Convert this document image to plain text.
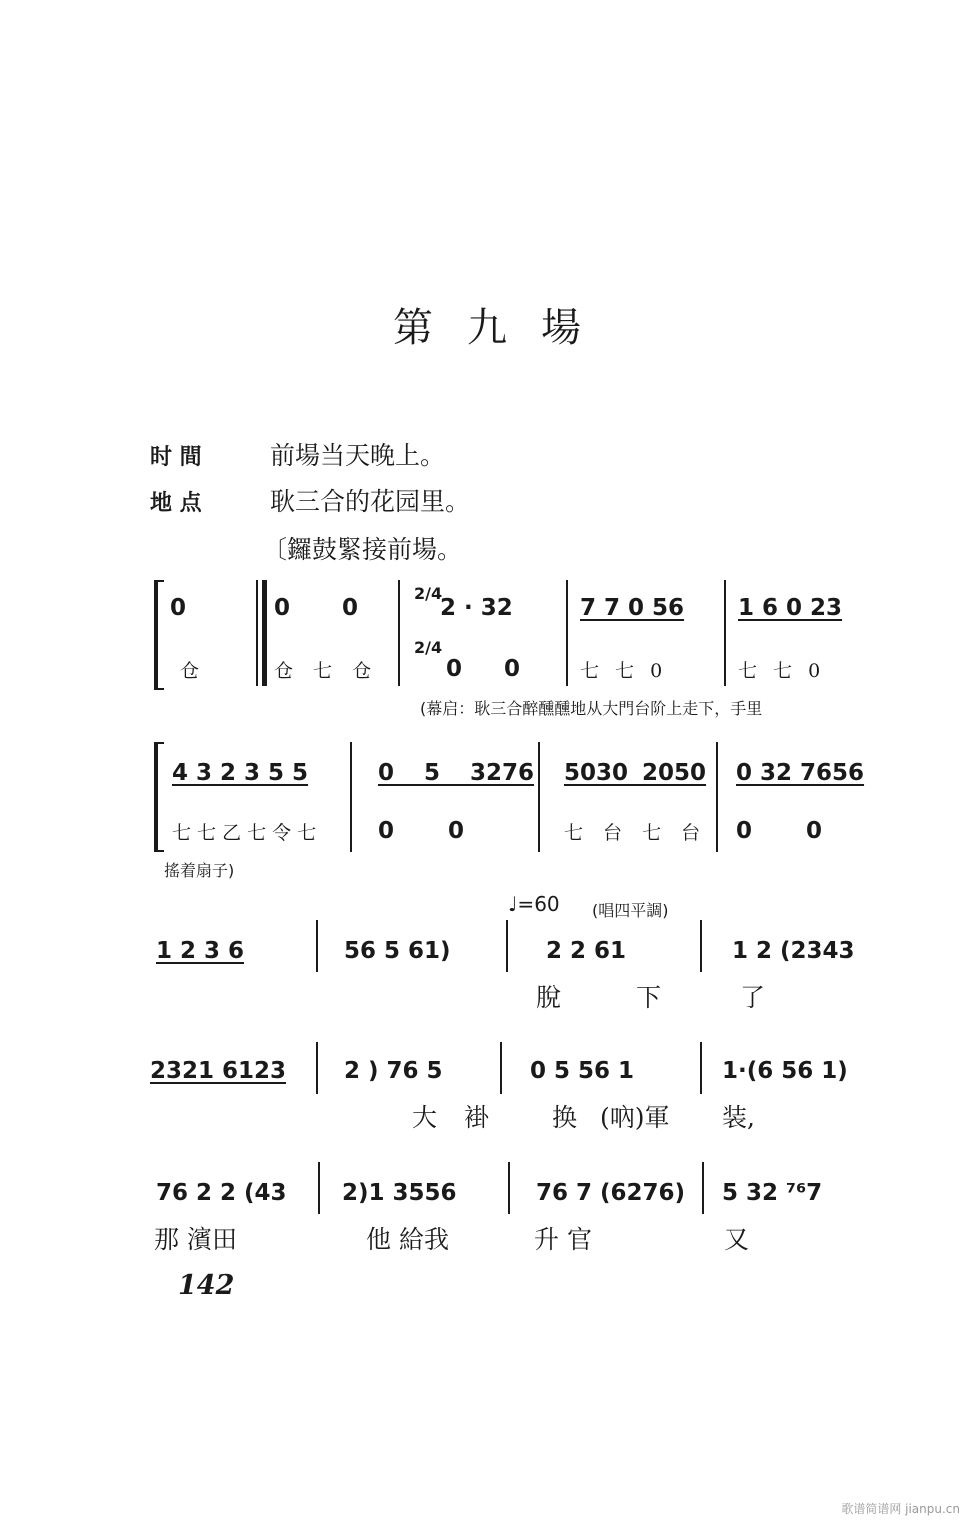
第九場
时 間	前場当天晚上。
地 点	耿三合的花园里。
〔鑼鼓緊接前場。
0	0 0
2/4
2 · 32	7 7 0 56 1 6 0 23
仓	仓 七 仓
2/4
0 0	七 七 0	七 七 0
(幕启：耿三合醉醺醺地从大門台阶上走下，手里
4 3 2 3 5 5	0 5 3276 5030 2050 0 32 7656
七 七 乙 七 令 七	0 0	七 台 七 台 0 0
搖着扇子)
♩=60 (唱四平調)
1 2 3 6	56 5 61)	2 2 61	1 2 (2343
脫	下	了
2321 6123	2 ) 76 5	0 5 56 1	1·(6 56 1)
大 褂	换 (吶)軍 装,
76 2 2 (43 2)1 3556	76 7 (6276) 5 32 ⁷⁶7
那 濱田	他 給我	升 官	又
142
歌谱简谱网 jianpu.cn
